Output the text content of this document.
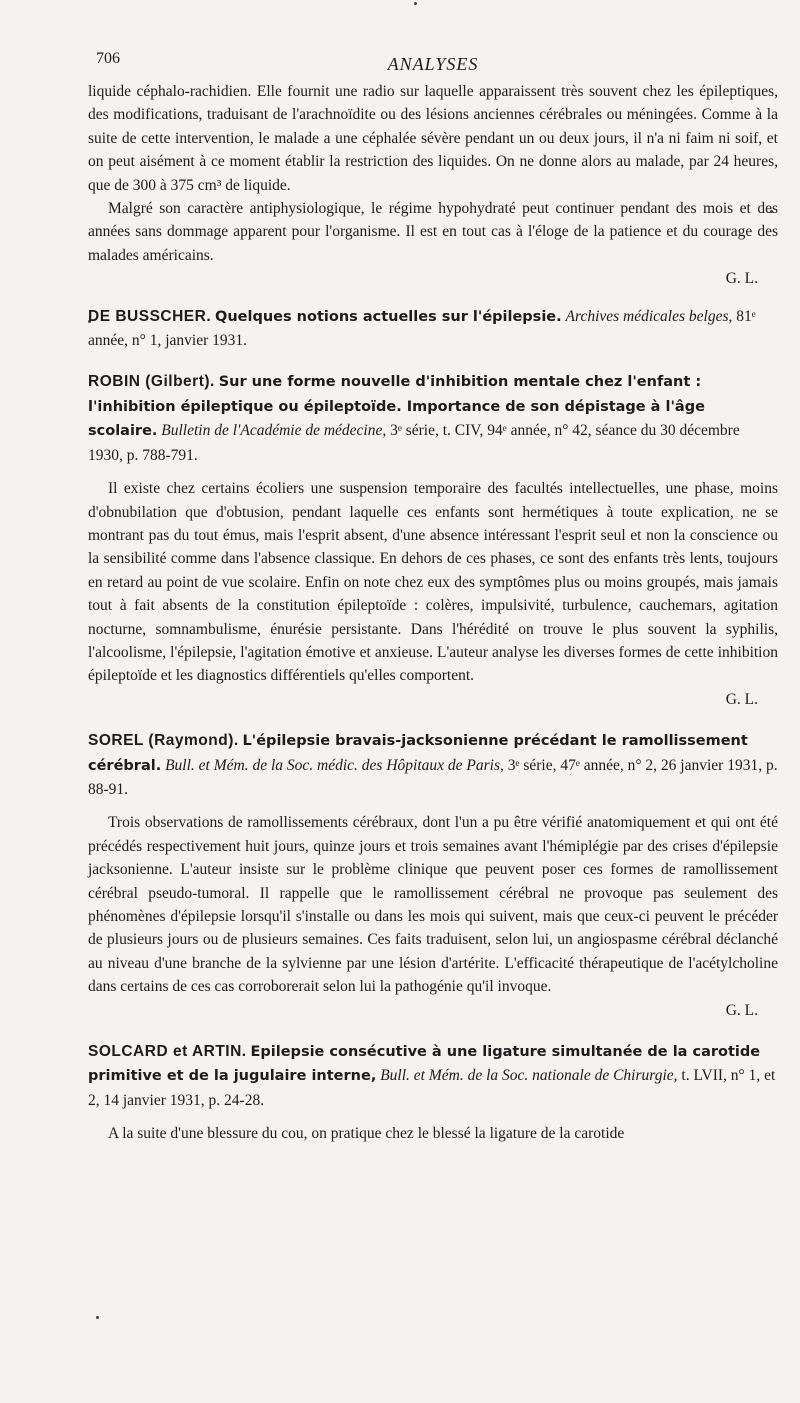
706	ANALYSES

liquide céphalo-rachidien. Elle fournit une radio sur laquelle apparaissent très souvent chez les épileptiques, des modifications, traduisant de l'arachnoïdite ou des lésions anciennes cérébrales ou méningées. Comme à la suite de cette intervention, le malade a une céphalée sévère pendant un ou deux jours, il n'a ni faim ni soif, et on peut aisément à ce moment établir la restriction des liquides. On ne donne alors au malade, par 24 heures, que de 300 à 375 cm³ de liquide.

Malgré son caractère antiphysiologique, le régime hypohydraté peut continuer pendant des mois et des années sans dommage apparent pour l'organisme. Il est en tout cas à l'éloge de la patience et du courage des malades américains.

G. L.

DE BUSSCHER. Quelques notions actuelles sur l'épilepsie. Archives médicales belges, 81ᵉ année, n° 1, janvier 1931.
ROBIN (Gilbert). Sur une forme nouvelle d'inhibition mentale chez l'enfant : l'inhibition épileptique ou épileptoïde. Importance de son dépistage à l'âge scolaire. Bulletin de l'Académie de médecine, 3ᵉ série, t. CIV, 94ᵉ année, n° 42, séance du 30 décembre 1930, p. 788-791.

Il existe chez certains écoliers une suspension temporaire des facultés intellectuelles, une phase, moins d'obnubilation que d'obtusion, pendant laquelle ces enfants sont hermétiques à toute explication, ne se montrant pas du tout émus, mais l'esprit absent, d'une absence intéressant l'esprit seul et non la conscience ou la sensibilité comme dans l'absence classique. En dehors de ces phases, ce sont des enfants très lents, toujours en retard au point de vue scolaire. Enfin on note chez eux des symptômes plus ou moins groupés, mais jamais tout à fait absents de la constitution épileptoïde : colères, impulsivité, turbulence, cauchemars, agitation nocturne, somnambulisme, énurésie persistante. Dans l'hérédité on trouve le plus souvent la syphilis, l'alcoolisme, l'épilepsie, l'agitation émotive et anxieuse. L'auteur analyse les diverses formes de cette inhibition épileptoïde et les diagnostics différentiels qu'elles comportent.

G. L.

SOREL (Raymond). L'épilepsie bravais-jacksonienne précédant le ramollissement cérébral. Bull. et Mém. de la Soc. médic. des Hôpitaux de Paris, 3ᵉ série, 47ᵉ année, n° 2, 26 janvier 1931, p. 88-91.

Trois observations de ramollissements cérébraux, dont l'un a pu être vérifié anatomiquement et qui ont été précédés respectivement huit jours, quinze jours et trois semaines avant l'hémiplégie par des crises d'épilepsie jacksonienne. L'auteur insiste sur le problème clinique que peuvent poser ces formes de ramollissement cérébral pseudo-tumoral. Il rappelle que le ramollissement cérébral ne provoque pas seulement des phénomènes d'épilepsie lorsqu'il s'installe ou dans les mois qui suivent, mais que ceux-ci peuvent le précéder de plusieurs jours ou de plusieurs semaines. Ces faits traduisent, selon lui, un angiospasme cérébral déclanché au niveau d'une branche de la sylvienne par une lésion d'artérite. L'efficacité thérapeutique de l'acétylcholine dans certains de ces cas corroborerait selon lui la pathogénie qu'il invoque.

G. L.

SOLCARD et ARTIN. Epilepsie consécutive à une ligature simultanée de la carotide primitive et de la jugulaire interne, Bull. et Mém. de la Soc. nationale de Chirurgie, t. LVII, n° 1, et 2, 14 janvier 1931, p. 24-28.

A la suite d'une blessure du cou, on pratique chez le blessé la ligature de la carotide
